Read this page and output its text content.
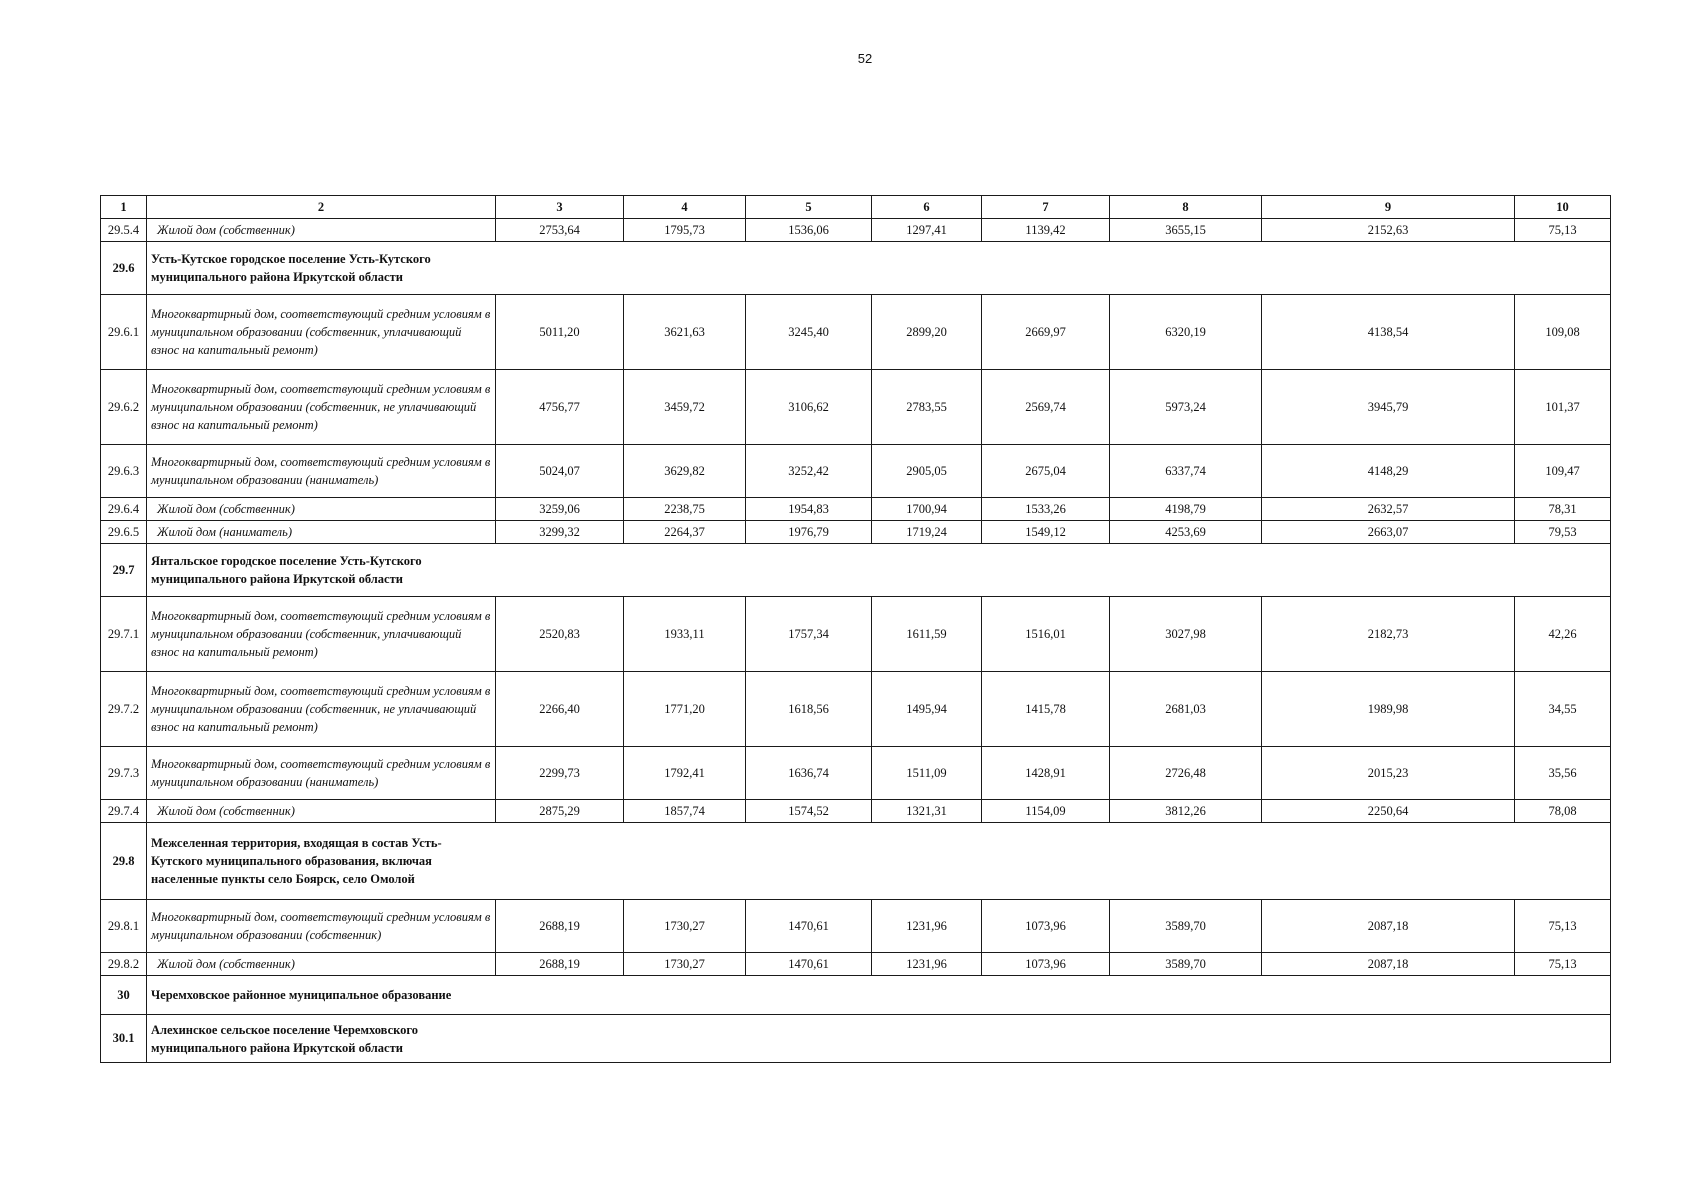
52
1	2	3	4	5	6	7	8	9	10
29.5.4	Жилой дом (собственник)	2753,64	1795,73	1536,06	1297,41	1139,42	3655,15	2152,63	75,13
29.6	Усть-Кутское городское поселение Усть-Кутского муниципального района Иркутской области								

29.6.1	Многоквартирный дом, соответствующий средним условиям в муниципальном образовании (собственник, уплачивающий взнос на капитальный ремонт)	5011,20	3621,63	3245,40	2899,20	2669,97	6320,19	4138,54	109,08
29.6.2	Многоквартирный дом, соответствующий средним условиям в муниципальном образовании (собственник, не уплачивающий взнос на капитальный ремонт)	4756,77	3459,72	3106,62	2783,55	2569,74	5973,24	3945,79	101,37
29.6.3	Многоквартирный дом, соответствующий средним условиям в муниципальном образовании (наниматель)	5024,07	3629,82	3252,42	2905,05	2675,04	6337,74	4148,29	109,47
29.6.4	Жилой дом (собственник)	3259,06	2238,75	1954,83	1700,94	1533,26	4198,79	2632,57	78,31
29.6.5	Жилой дом (наниматель)	3299,32	2264,37	1976,79	1719,24	1549,12	4253,69	2663,07	79,53
29.7	Янтальское городское поселение Усть-Кутского муниципального района Иркутской области								

29.7.1	Многоквартирный дом, соответствующий средним условиям в муниципальном образовании (собственник, уплачивающий взнос на капитальный ремонт)	2520,83	1933,11	1757,34	1611,59	1516,01	3027,98	2182,73	42,26
29.7.2	Многоквартирный дом, соответствующий средним условиям в муниципальном образовании (собственник, не уплачивающий взнос на капитальный ремонт)	2266,40	1771,20	1618,56	1495,94	1415,78	2681,03	1989,98	34,55
29.7.3	Многоквартирный дом, соответствующий средним условиям в муниципальном образовании (наниматель)	2299,73	1792,41	1636,74	1511,09	1428,91	2726,48	2015,23	35,56
29.7.4	Жилой дом (собственник)	2875,29	1857,74	1574,52	1321,31	1154,09	3812,26	2250,64	78,08
29.8	Межселенная территория, входящая в состав Усть-Кутского муниципального образования, включая населенные пункты село Боярск, село Омолой								

29.8.1	Многоквартирный дом, соответствующий средним условиям в муниципальном образовании (собственник)	2688,19	1730,27	1470,61	1231,96	1073,96	3589,70	2087,18	75,13
29.8.2	Жилой дом (собственник)	2688,19	1730,27	1470,61	1231,96	1073,96	3589,70	2087,18	75,13
30	Черемховское районное муниципальное образование								

30.1	Алехинское сельское поселение Черемховского муниципального района Иркутской области								
